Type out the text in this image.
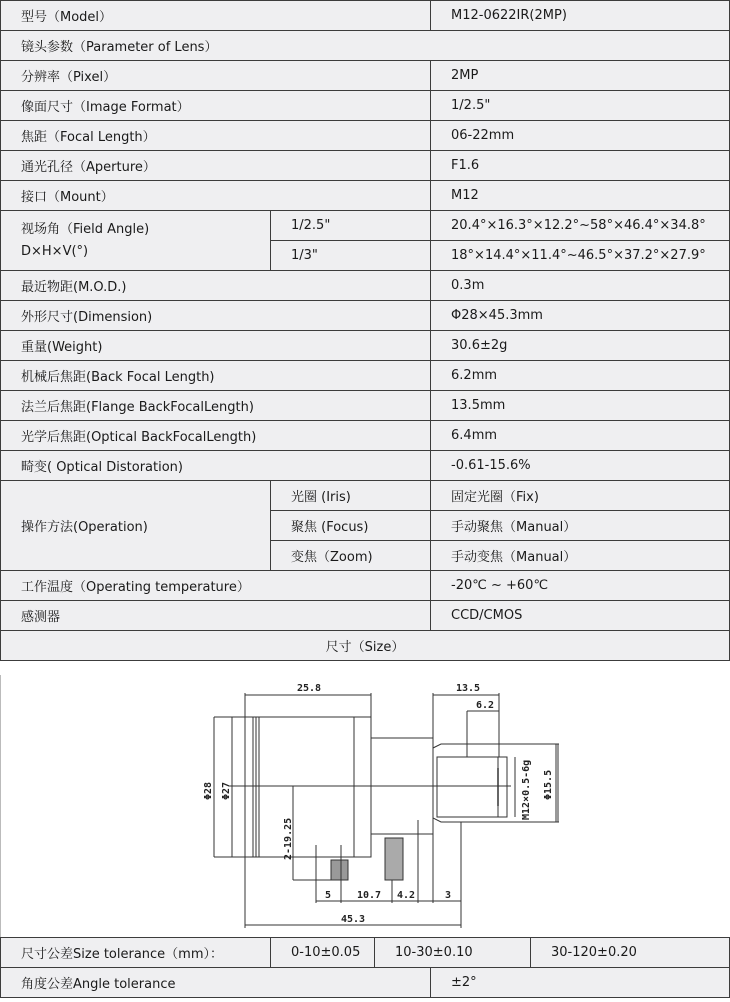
型号（Model）		M12-0622IR(2MP)
镜头参数（Parameter of Lens）		
分辨率（Pixel）		2MP
像面尺寸（Image Format）		1/2.5"
焦距（Focal Length）		06-22mm
通光孔径（Aperture）		F1.6
接口（Mount）		M12

视场角（Field Angle)
D×H×V(°)	1/2.5"	20.4°×16.3°×12.2°~58°×46.4°×34.8°
	1/3"	18°×14.4°×11.4°~46.5°×37.2°×27.9°
最近物距(M.O.D.)		0.3m
外形尺寸(Dimension)		Φ28×45.3mm
重量(Weight)		30.6±2g
机械后焦距(Back Focal Length)		6.2mm
法兰后焦距(Flange BackFocalLength)		13.5mm
光学后焦距(Optical BackFocalLength)		6.4mm
畸变( Optical Distoration)		-0.61-15.6%
操作方法(Operation)	光圈 (Iris)	固定光圈（Fix)
	聚焦 (Focus)	手动聚焦（Manual）
	变焦（Zoom)	手动变焦（Manual）
工作温度（Operating temperature）		-20℃ ~ +60℃
感测器		CCD/CMOS
尺寸（Size）		
25.8	13.5
6.2
45.3
5	10.7 4.2	3
Φ28 Φ27
2-19.25
M12×0.5-6g Φ15.5
尺寸公差Size tolerance（mm）：	0-10±0.05	10-30±0.10		30-120±0.20
角度公差Angle tolerance			±2°	
